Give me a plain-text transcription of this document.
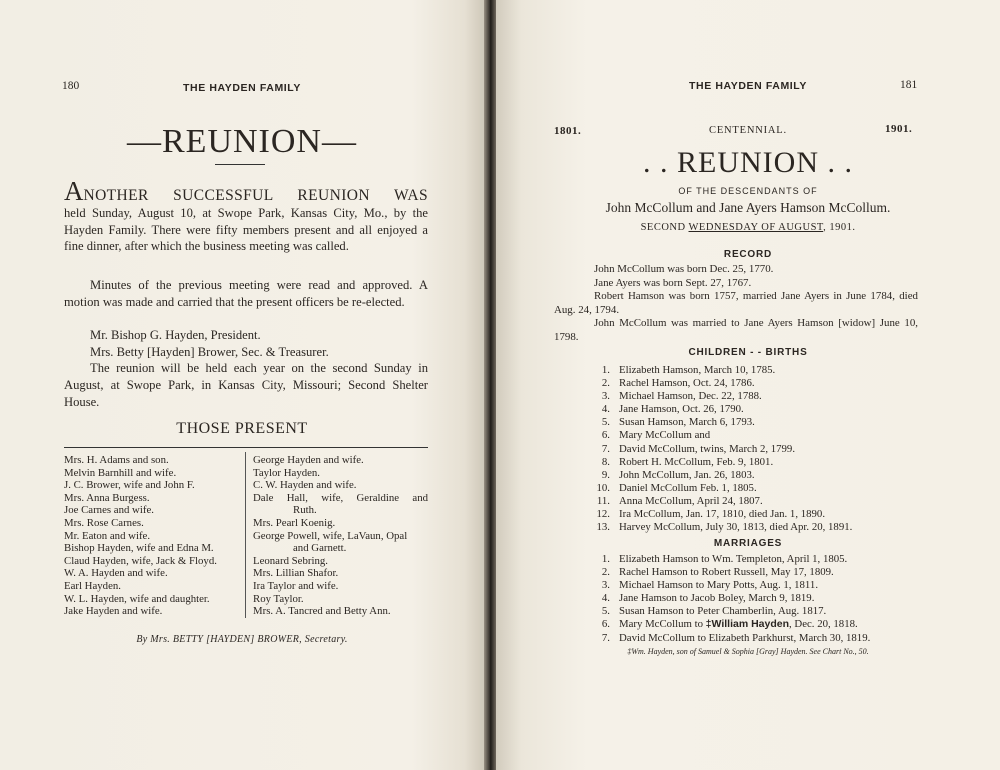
180	THE HAYDEN FAMILY
—REUNION—
ANOTHER SUCCESSFUL REUNION WAS
held Sunday, August 10, at Swope Park, Kansas City, Mo., by the Hayden Family. There were fifty members present and all enjoyed a fine dinner, after which the business meeting was called.
Minutes of the previous meeting were read and approved. A motion was made and carried that the present officers be re-elected.
Mr. Bishop G. Hayden, President.
Mrs. Betty [Hayden] Brower, Sec. & Treasurer.
The reunion will be held each year on the second Sunday in August, at Swope Park, in Kansas City, Missouri; Second Shelter House.
THOSE PRESENT
Mrs. H. Adams and son.
Melvin Barnhill and wife.
J. C. Brower, wife and John F.
Mrs. Anna Burgess.
Joe Carnes and wife.
Mrs. Rose Carnes.
Mr. Eaton and wife.
Bishop Hayden, wife and Edna M.
Claud Hayden, wife, Jack & Floyd.
W. A. Hayden and wife.
Earl Hayden.
W. L. Hayden, wife and daughter.
Jake Hayden and wife.
George Hayden and wife.
Taylor Hayden.
C. W. Hayden and wife.
Dale Hall, wife, Geraldine and
Ruth.
Mrs. Pearl Koenig.
George Powell, wife, LaVaun, Opal
and Garnett.
Leonard Sebring.
Mrs. Lillian Shafor.
Ira Taylor and wife.
Roy Taylor.
Mrs. A. Tancred and Betty Ann.
By Mrs. BETTY [HAYDEN] BROWER, Secretary.
THE HAYDEN FAMILY	181
1801.	CENTENNIAL.	1901.
. . REUNION . .
OF THE DESCENDANTS OF
John McCollum and Jane Ayers Hamson McCollum.
SECOND WEDNESDAY OF AUGUST, 1901.
RECORD
John McCollum was born Dec. 25, 1770.
Jane Ayers was born Sept. 27, 1767.
Robert Hamson was born 1757, married Jane Ayers in June 1784, died Aug. 24, 1794.
John McCollum was married to Jane Ayers Hamson [widow] June 10, 1798.
CHILDREN - - BIRTHS
1. Elizabeth Hamson, March 10, 1785.
2. Rachel Hamson, Oct. 24, 1786.
3. Michael Hamson, Dec. 22, 1788.
4. Jane Hamson, Oct. 26, 1790.
5. Susan Hamson, March 6, 1793.
6. Mary McCollum and
7. David McCollum, twins, March 2, 1799.
8. Robert H. McCollum, Feb. 9, 1801.
9. John McCollum, Jan. 26, 1803.
10. Daniel McCollum Feb. 1, 1805.
11. Anna McCollum, April 24, 1807.
12. Ira McCollum, Jan. 17, 1810, died Jan. 1, 1890.
13. Harvey McCollum, July 30, 1813, died Apr. 20, 1891.
MARRIAGES
1. Elizabeth Hamson to Wm. Templeton, April 1, 1805.
2. Rachel Hamson to Robert Russell, May 17, 1809.
3. Michael Hamson to Mary Potts, Aug. 1, 1811.
4. Jane Hamson to Jacob Boley, March 9, 1819.
5. Susan Hamson to Peter Chamberlin, Aug. 1817.
6. Mary McCollum to ‡William Hayden, Dec. 20, 1818.
7. David McCollum to Elizabeth Parkhurst, March 30, 1819.
‡Wm. Hayden, son of Samuel & Sophia [Gray] Hayden. See Chart No., 50.
